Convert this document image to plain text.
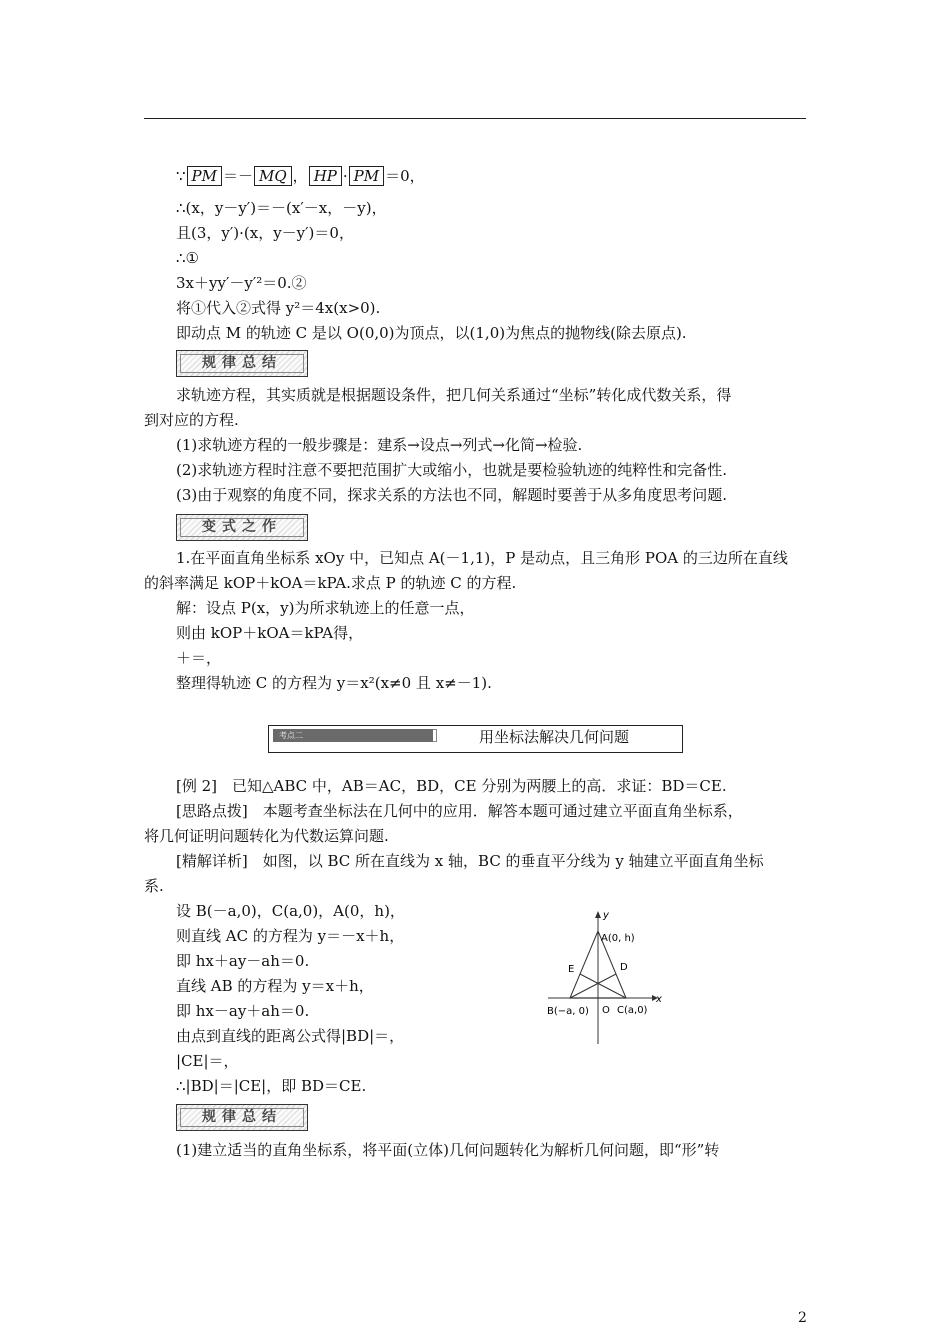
∵ PM ＝－ MQ ， HP · PM ＝0，
∴(x，y－y′)＝－(x′－x，－y)，
且(3，y′)·(x，y－y′)＝0，
∴①
3x＋yy′－y′²＝0.②
将①代入②式得 y²＝4x(x>0).
即动点 M 的轨迹 C 是以 O(0,0)为顶点，以(1,0)为焦点的抛物线(除去原点).
规律总结
求轨迹方程，其实质就是根据题设条件，把几何关系通过“坐标”转化成代数关系，得
到对应的方程.
(1)求轨迹方程的一般步骤是：建系→设点→列式→化简→检验.
(2)求轨迹方程时注意不要把范围扩大或缩小，也就是要检验轨迹的纯粹性和完备性.
(3)由于观察的角度不同，探求关系的方法也不同，解题时要善于从多角度思考问题.
变式之作
1.在平面直角坐标系 xOy 中，已知点 A(－1,1)，P 是动点，且三角形 POA 的三边所在直线
的斜率满足 kOP＋kOA＝kPA.求点 P 的轨迹 C 的方程.
解：设点 P(x，y)为所求轨迹上的任意一点，
则由 kOP＋kOA＝kPA得，
＋＝，
整理得轨迹 C 的方程为 y＝x²(x≠0 且 x≠－1).
考点二	用坐标法解决几何问题
[例 2]　已知△ABC 中，AB＝AC，BD，CE 分别为两腰上的高．求证：BD＝CE.
[思路点拨]　本题考查坐标法在几何中的应用．解答本题可通过建立平面直角坐标系，
将几何证明问题转化为代数运算问题.
[精解详析]　如图，以 BC 所在直线为 x 轴，BC 的垂直平分线为 y 轴建立平面直角坐标
系.
设 B(－a,0)，C(a,0)，A(0，h)，
则直线 AC 的方程为 y＝－x＋h，
即 hx＋ay－ah＝0.
直线 AB 的方程为 y＝x＋h，
即 hx－ay＋ah＝0.
由点到直线的距离公式得|BD|＝，
|CE|＝，
∴|BD|＝|CE|，即 BD＝CE.
y
x
A(0, h)
E	D
B(−a, 0) O C(a,0)
规律总结
(1)建立适当的直角坐标系，将平面(立体)几何问题转化为解析几何问题，即“形”转
2
